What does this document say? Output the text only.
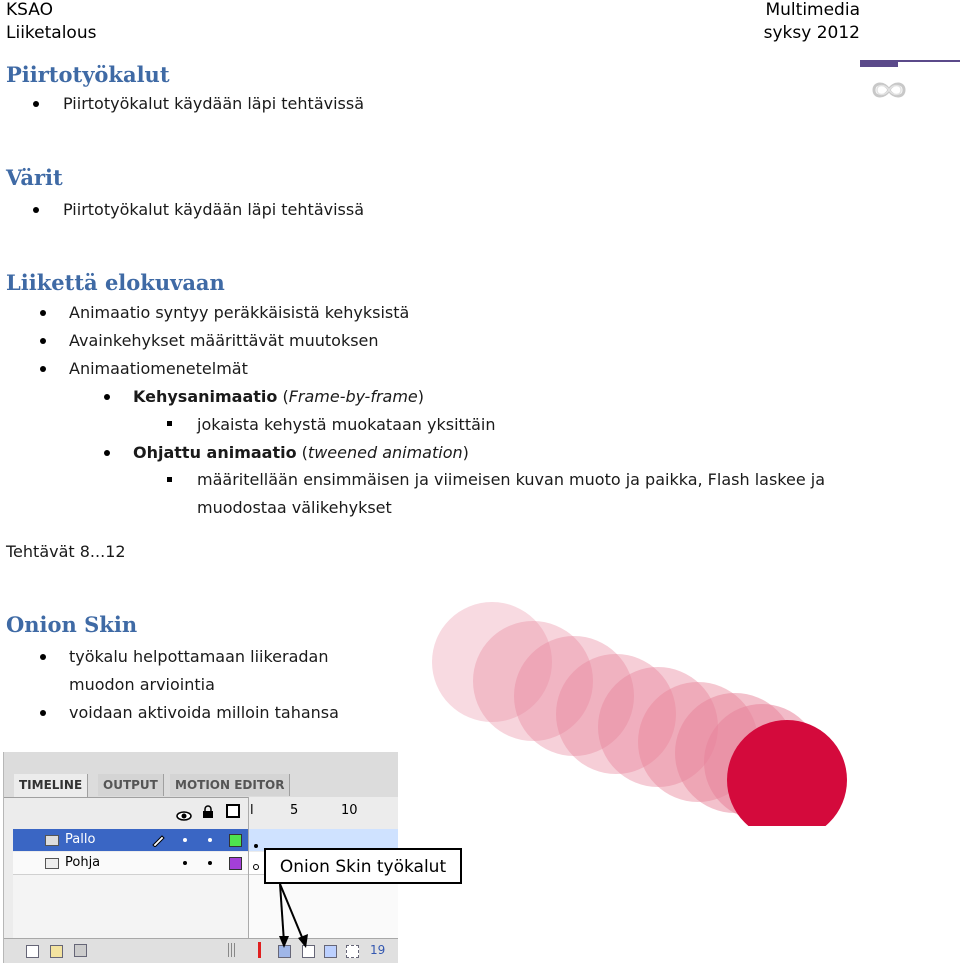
KSAO
Liiketalous
Multimedia
syksy 2012
Piirtotyökalut
Piirtotyökalut käydään läpi tehtävissä
Värit
Piirtotyökalut käydään läpi tehtävissä
Liikettä elokuvaan
Animaatio syntyy peräkkäisistä kehyksistä
Avainkehykset määrittävät muutoksen
Animaatiomenetelmät
Kehysanimaatio (Frame-by-frame)
jokaista kehystä muokataan yksittäin
Ohjattu animaatio (tweened animation)
määritellään ensimmäisen ja viimeisen kuvan muoto ja paikka, Flash laskee ja
muodostaa välikehykset
Tehtävät 8...12
Onion Skin
työkalu helpottamaan liikeradan
muodon arviointia
voidaan aktivoida milloin tahansa
TIMELINE	OUTPUT	MOTION EDITOR
l	5	10
Pallo
Pohja
19
Onion Skin työkalut
